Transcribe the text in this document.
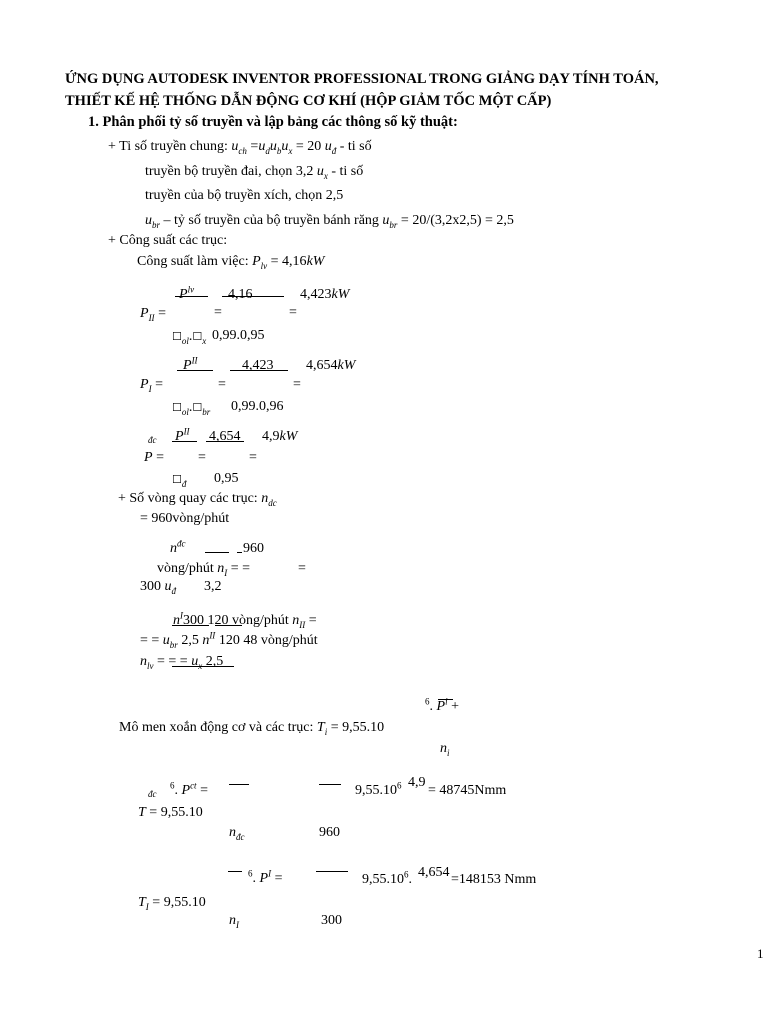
ỨNG DỤNG AUTODESK INVENTOR PROFESSIONAL TRONG GIẢNG DẠY TÍNH TOÁN,
THIẾT KẾ HỆ THỐNG DẪN ĐỘNG CƠ KHÍ (HỘP GIẢM TỐC MỘT CẤP)
1. Phân phối tỷ số truyền và lập bảng các thông số kỹ thuật:
+ Ti số truyền chung: $u_{ch} =u_du_bu_x = 20$ $u_đ$ - ti số
truyền bộ truyền đai, chọn 3,2 $u_x$ - ti số
truyền của bộ truyền xích, chọn 2,5
$u_{br}$ – tỷ số truyền của bộ truyền bánh răng $u_{br} = 20/(3,2x2,5) = 2,5$
+ Công suất các trục:
Công suất làm việc: $P_{lv} = 4,16kW$
$P^{lv}$ 4,16	4,423kW
$P_{II}$ =	=	=
$☐_{ol}.☐_x$ 0,99.0,95
$P^{II}$	4,423 4,654kW
$P_I$ =	=	=
$☐_{ol}.☐_{br}$ 0,99.0,96
đc $P^{II}$ 4,654 4,9kW
P = =	=
$☐_đ$ 0,95
+ Số vòng quay các trục: $n_{dc}$
= 960vòng/phút
$n^{đc}$	960
vòng/phút $n_I$ = =	=
300 $u_đ$ 3,2
$n^I300$ 120 vòng/phút $n_{II}$ =
= = $u_{br}$ 2,5 $n^{II}$ 120 48 vòng/phút
$n_{lv}$ = = = $u_x$ 2,5
$^6$. $P^i$ +
Mô men xoắn động cơ và các trục: $T_i = 9,55.10$
$n_i$
đc
$^6$. $P^{ct}$ =	$9,55.10^6$ 4,9
= 48745Nmm
T = 9,55.10
$n_{đc}$	960
$^6$. $P^I$ =	$9,55.10^6$. 4,654 =148153 Nmm
$T_I = 9,55.10$
$n_I$	300
1
